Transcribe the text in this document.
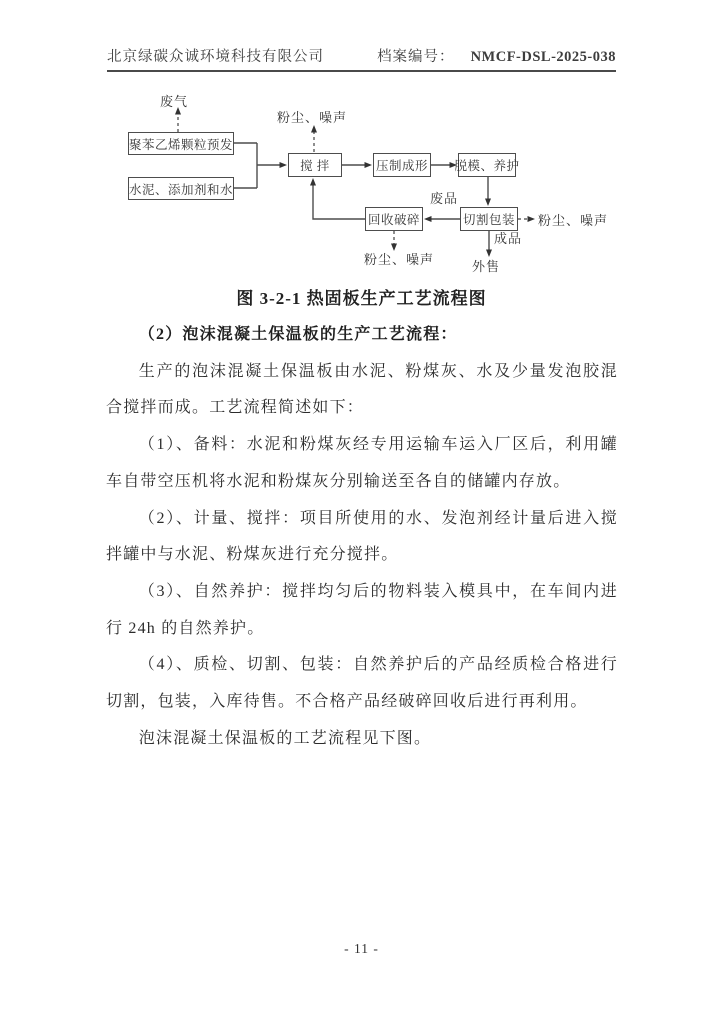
北京绿碳众诚环境科技有限公司	档案编号： NMCF-DSL-2025-038
聚苯乙烯颗粒预发
水泥、添加剂和水
搅 拌	压制成形 脱模、养护
回收破碎	切割包装
废气
粉尘、噪声
废品
粉尘、噪声
成品
外售
粉尘、噪声
图 3-2-1 热固板生产工艺流程图

（2）泡沫混凝土保温板的生产工艺流程：

生产的泡沫混凝土保温板由水泥、粉煤灰、水及少量发泡胶混合搅拌而成。工艺流程简述如下：

（1）、备料：水泥和粉煤灰经专用运输车运入厂区后，利用罐车自带空压机将水泥和粉煤灰分别输送至各自的储罐内存放。

（2）、计量、搅拌：项目所使用的水、发泡剂经计量后进入搅拌罐中与水泥、粉煤灰进行充分搅拌。

（3）、自然养护：搅拌均匀后的物料装入模具中，在车间内进行 24h 的自然养护。

（4）、质检、切割、包装：自然养护后的产品经质检合格进行切割，包装，入库待售。不合格产品经破碎回收后进行再利用。

泡沫混凝土保温板的工艺流程见下图。

- 11 -
